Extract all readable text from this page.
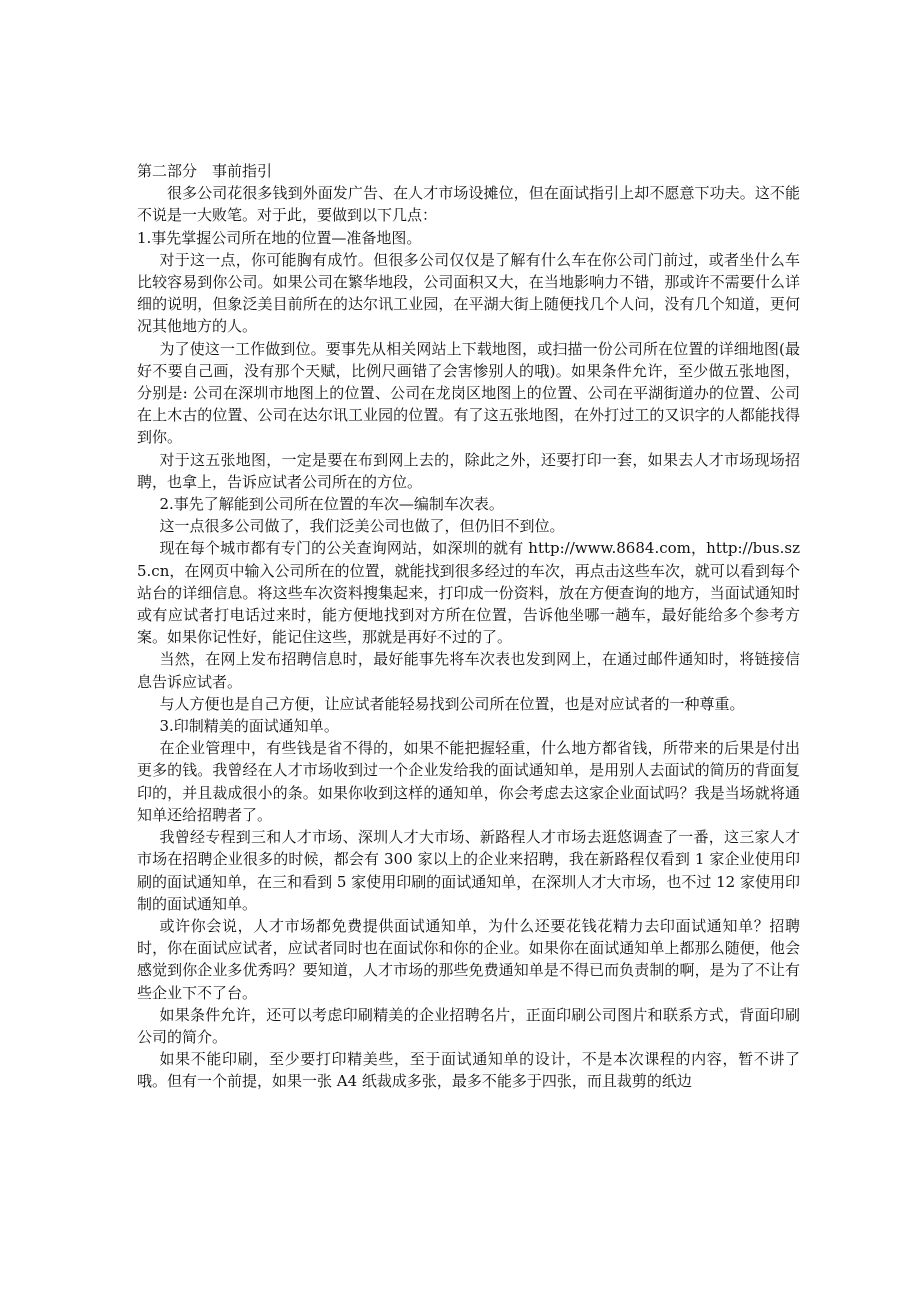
第二部分　事前指引

很多公司花很多钱到外面发广告、在人才市场设摊位，但在面试指引上却不愿意下功夫。这不能不说是一大败笔。对于此，要做到以下几点：

1.事先掌握公司所在地的位置—准备地图。

对于这一点，你可能胸有成竹。但很多公司仅仅是了解有什么车在你公司门前过，或者坐什么车比较容易到你公司。如果公司在繁华地段，公司面积又大，在当地影响力不错，那或许不需要什么详细的说明，但象泛美目前所在的达尔讯工业园，在平湖大街上随便找几个人问，没有几个知道，更何况其他地方的人。

为了使这一工作做到位。要事先从相关网站上下载地图，或扫描一份公司所在位置的详细地图(最好不要自己画，没有那个天赋，比例尺画错了会害惨别人的哦)。如果条件允许，至少做五张地图，分别是: 公司在深圳市地图上的位置、公司在龙岗区地图上的位置、公司在平湖街道办的位置、公司在上木古的位置、公司在达尔讯工业园的位置。有了这五张地图，在外打过工的又识字的人都能找得到你。

对于这五张地图，一定是要在布到网上去的，除此之外，还要打印一套，如果去人才市场现场招聘，也拿上，告诉应试者公司所在的方位。

2.事先了解能到公司所在位置的车次—编制车次表。

这一点很多公司做了，我们泛美公司也做了，但仍旧不到位。

现在每个城市都有专门的公关查询网站，如深圳的就有 http://www.8684.com，http://bus.sz5.cn，在网页中输入公司所在的位置，就能找到很多经过的车次，再点击这些车次，就可以看到每个站台的详细信息。将这些车次资料搜集起来，打印成一份资料，放在方便查询的地方，当面试通知时或有应试者打电话过来时，能方便地找到对方所在位置，告诉他坐哪一趟车，最好能给多个参考方案。如果你记性好，能记住这些，那就是再好不过的了。

当然，在网上发布招聘信息时，最好能事先将车次表也发到网上，在通过邮件通知时，将链接信息告诉应试者。

与人方便也是自己方便，让应试者能轻易找到公司所在位置，也是对应试者的一种尊重。

3.印制精美的面试通知单。

在企业管理中，有些钱是省不得的，如果不能把握轻重，什么地方都省钱，所带来的后果是付出更多的钱。我曾经在人才市场收到过一个企业发给我的面试通知单，是用别人去面试的简历的背面复印的，并且裁成很小的条。如果你收到这样的通知单，你会考虑去这家企业面试吗？我是当场就将通知单还给招聘者了。

我曾经专程到三和人才市场、深圳人才大市场、新路程人才市场去逛悠调查了一番，这三家人才市场在招聘企业很多的时候，都会有 300 家以上的企业来招聘，我在新路程仅看到 1 家企业使用印刷的面试通知单，在三和看到 5 家使用印刷的面试通知单，在深圳人才大市场，也不过 12 家使用印制的面试通知单。

或许你会说，人才市场都免费提供面试通知单，为什么还要花钱花精力去印面试通知单？招聘时，你在面试应试者，应试者同时也在面试你和你的企业。如果你在面试通知单上都那么随便，他会感觉到你企业多优秀吗？要知道，人才市场的那些免费通知单是不得已而负责制的啊，是为了不让有些企业下不了台。

如果条件允许，还可以考虑印刷精美的企业招聘名片，正面印刷公司图片和联系方式，背面印刷公司的简介。

如果不能印刷，至少要打印精美些，至于面试通知单的设计，不是本次课程的内容，暂不讲了哦。但有一个前提，如果一张 A4 纸裁成多张，最多不能多于四张，而且裁剪的纸边
